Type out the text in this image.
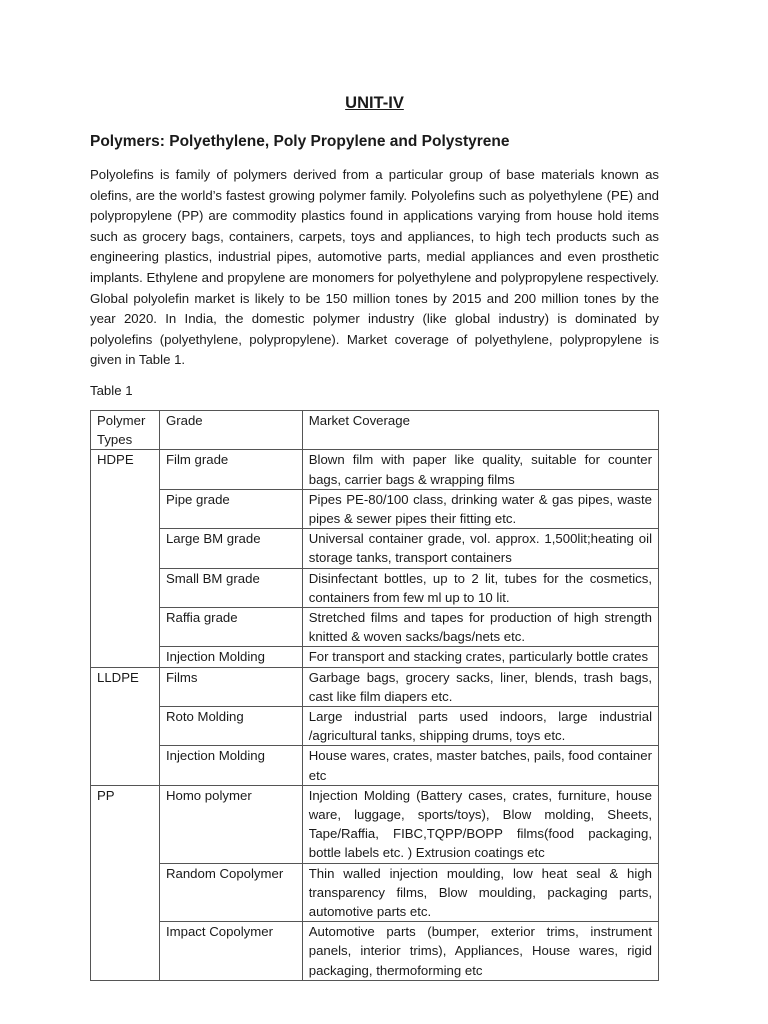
UNIT-IV
Polymers: Polyethylene, Poly Propylene and Polystyrene

Polyolefins is family of polymers derived from a particular group of base materials known as olefins, are the world’s fastest growing polymer family. Polyolefins such as polyethylene (PE) and polypropylene (PP) are commodity plastics found in applications varying from house hold items such as grocery bags, containers, carpets, toys and appliances, to high tech products such as engineering plastics, industrial pipes, automotive parts, medial appliances and even prosthetic implants. Ethylene and propylene are monomers for polyethylene and polypropylene respectively. Global polyolefin market is likely to be 150 million tones by 2015 and 200 million tones by the year 2020. In India, the domestic polymer industry (like global industry) is dominated by polyolefins (polyethylene, polypropylene). Market coverage of polyethylene, polypropylene is given in Table 1.

Table 1
Polymer Types	Grade	Market Coverage
HDPE	Film grade	Blown film with paper like quality, suitable for counter bags, carrier bags & wrapping films
	Pipe grade	Pipes PE-80/100 class, drinking water & gas pipes, waste pipes & sewer pipes their fitting etc.
	Large BM grade	Universal container grade, vol. approx. 1,500lit;heating oil storage tanks, transport containers
	Small BM grade	Disinfectant bottles, up to 2 lit, tubes for the cosmetics, containers from few ml up to 10 lit.
	Raffia grade	Stretched films and tapes for production of high strength knitted & woven sacks/bags/nets etc.
	Injection Molding	For transport and stacking crates, particularly bottle crates
LLDPE	Films	Garbage bags, grocery sacks, liner, blends, trash bags, cast like film diapers etc.
	Roto Molding	Large industrial parts used indoors, large industrial /agricultural tanks, shipping drums, toys etc.
	Injection Molding	House wares, crates, master batches, pails, food container etc
PP	Homo polymer	Injection Molding (Battery cases, crates, furniture, house ware, luggage, sports/toys), Blow molding, Sheets, Tape/Raffia, FIBC,TQPP/BOPP films(food packaging, bottle labels etc. ) Extrusion coatings etc
	Random Copolymer	Thin walled injection moulding, low heat seal & high transparency films, Blow moulding, packaging parts, automotive parts etc.
	Impact Copolymer	Automotive parts (bumper, exterior trims, instrument panels, interior trims), Appliances, House wares, rigid packaging, thermoforming etc
